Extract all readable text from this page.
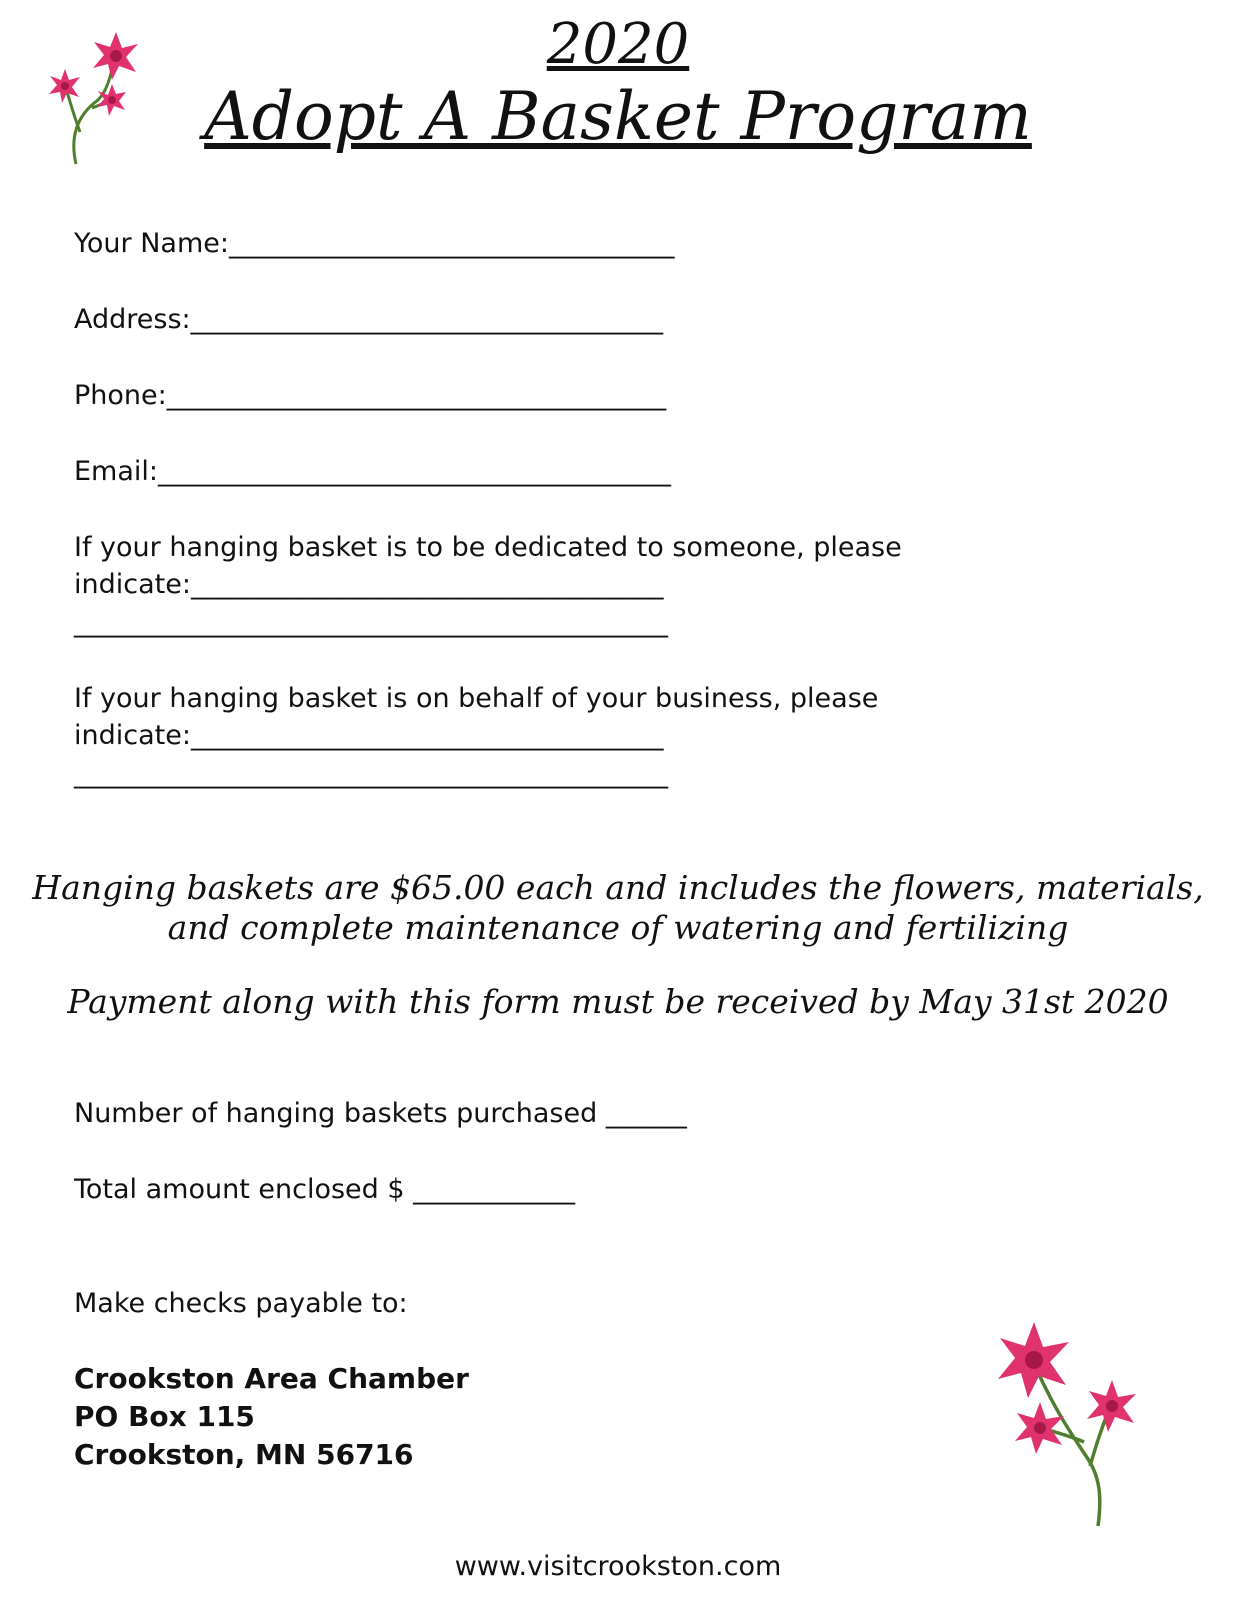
2020
Adopt A Basket Program
Your Name:_________________________________
Address:___________________________________
Phone:_____________________________________
Email:______________________________________
If your hanging basket is to be dedicated to someone, please
indicate:___________________________________
____________________________________________
If your hanging basket is on behalf of your business, please
indicate:___________________________________
____________________________________________
Hanging baskets are $65.00 each and includes the flowers, materials,
and complete maintenance of watering and fertilizing
Payment along with this form must be received by May 31st 2020
Number of hanging baskets purchased ______
Total amount enclosed $ ____________
Make checks payable to:
Crookston Area Chamber
PO Box 115
Crookston, MN 56716
www.visitcrookston.com
